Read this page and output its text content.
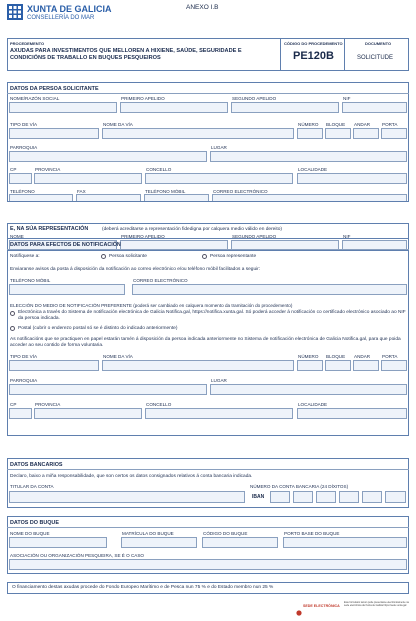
XUNTA DE GALICIA
CONSELLERÍA DO MAR
ANEXO I.B
PROCEDEMENTO
AXUDAS PARA INVESTIMENTOS QUE MELLOREN A HIXIENE, SAÚDE, SEGURIDADE E CONDICIÓNS DE TRABALLO EN BUQUES PESQUEIROS
CÓDIGO DO PROCEDEMENTO
PE120B
DOCUMENTO
SOLICITUDE
DATOS DA PERSOA SOLICITANTE
NOME/RAZÓN SOCIAL	PRIMEIRO APELIDO	SEGUNDO APELIDO	NIF
TIPO DE VÍA	NOME DA VÍA	NÚMERO BLOQUE ANDAR	PORTA
PARROQUIA	LUGAR
CP	PROVINCIA	CONCELLO	LOCALIDADE
TELÉFONO	FAX	TELÉFONO MÓBIL	CORREO ELECTRÓNICO
E, NA SÚA REPRESENTACIÓN	(deberá acreditarse a representación fidedigna por calquera medio válido en dereito)
NOME	PRIMEIRO APELIDO	SEGUNDO APELIDO	NIF
DATOS PARA EFECTOS DE NOTIFICACIÓN
Notifíquese a:	Persoa solicitante	Persoa representante
Enviaranse avisos da posta á disposición da notificación ao correo electrónico e/ou teléfono móbil facilitados a seguir:
TELÉFONO MÓBIL	CORREO ELECTRÓNICO
ELECCIÓN DO MEDIO DE NOTIFICACIÓN PREFERENTE (poderá ser cambiado en calquera momento da tramitación do procedemento)
Electrónica a través do Sistema de notificación electrónica de Galicia Notifica.gal, https://notifica.xunta.gal. Só poderá acceder á notificación co certificado electrónico asociado ao NIF da persoa indicada.
Postal (cubrir o enderezo postal só se é distinto do indicado anteriormente)
As notificacións que se practiquen en papel estarán tamén á disposición da persoa indicada anteriormente no Sistema de notificación electrónica de Galicia Notifica.gal, para que poida acceder ao seu contido de forma voluntaria.
TIPO DE VÍA	NOME DA VÍA	NÚMERO BLOQUE ANDAR	PORTA
PARROQUIA	LUGAR
CP	PROVINCIA	CONCELLO	LOCALIDADE
DATOS BANCARIOS
Declaro, baixo a miña responsabilidade, que son certos os datos consignados relativos á conta bancaria indicada.
TITULAR DA CONTA	NÚMERO DA CONTA BANCARIA (24 DÍXITOS)
IBAN
DATOS DO BUQUE
NOME DO BUQUE	MATRÍCULA DO BUQUE	CÓDIGO DO BUQUE	PORTO BASE DO BUQUE
ASOCIACIÓN OU ORGANIZACIÓN PESQUEIRA, SE É O CASO
O financiamento destas axudas procede do Fondo Europeo Marítimo e de Pesca nun 75 % e do Estado membro nun 25 %
SEDE ELECTRÓNICA
Este formulario tamén pode presentarse electrónicamente na sede electrónica da Xunta de Galicia https://sede.xunta.gal
